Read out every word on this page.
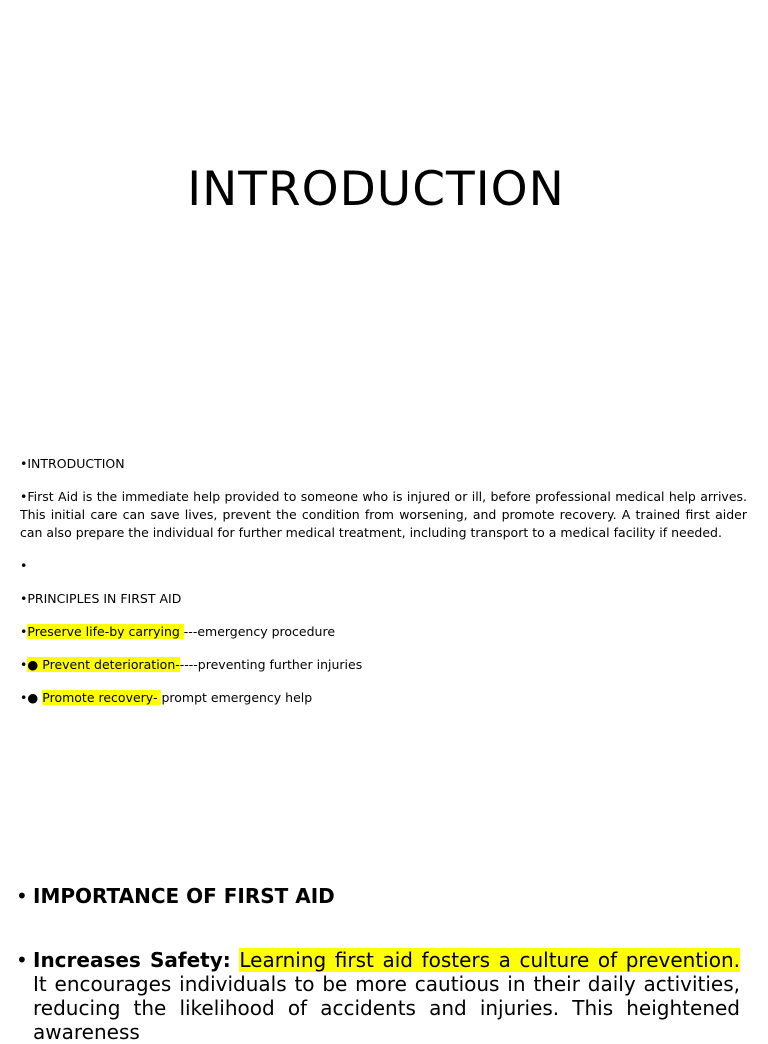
INTRODUCTION

•INTRODUCTION

•First Aid is the immediate help provided to someone who is injured or ill, before professional medical help arrives. This initial care can save lives, prevent the condition from worsening, and promote recovery. A trained first aider can also prepare the individual for further medical treatment, including transport to a medical facility if needed.

•

•PRINCIPLES IN FIRST AID

•Preserve life-by carrying ---emergency procedure

•● Prevent deterioration-----preventing further injuries

•● Promote recovery- prompt emergency help

• IMPORTANCE OF FIRST AID
• Increases Safety: Learning first aid fosters a culture of prevention. It encourages individuals to be more cautious in their daily activities, reducing the likelihood of accidents and injuries. This heightened awareness
